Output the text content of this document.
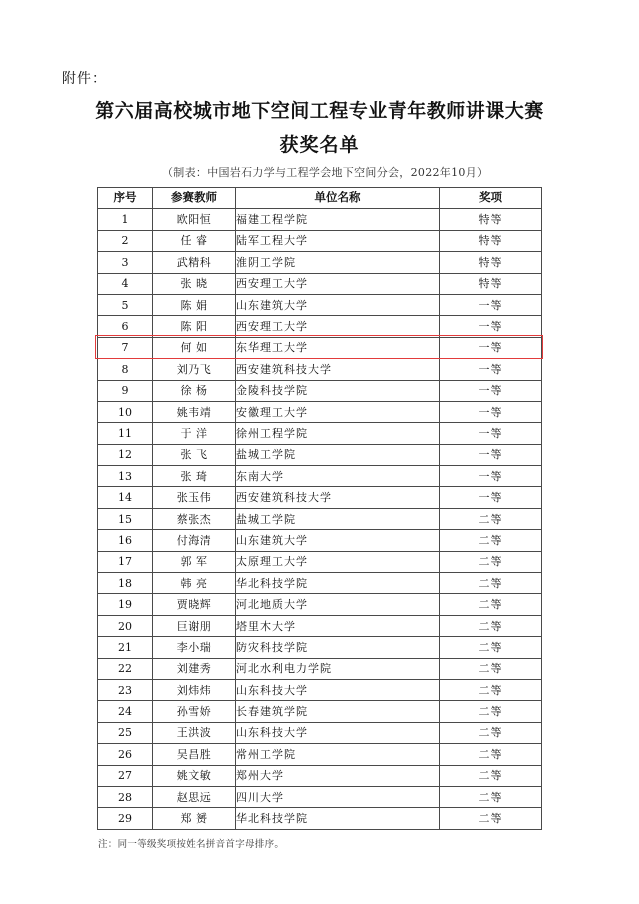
附件：
第六届高校城市地下空间工程专业青年教师讲课大赛
获奖名单
（制表：中国岩石力学与工程学会地下空间分会，2022年10月）
序号	参赛教师	单位名称	奖项
1	欧阳恒	福建工程学院	特等
2	任 睿	陆军工程大学	特等
3	武精科	淮阴工学院	特等
4	张 晓	西安理工大学	特等
5	陈 娟	山东建筑大学	一等
6	陈 阳	西安理工大学	一等
7	何 如	东华理工大学	一等
8	刘乃飞	西安建筑科技大学	一等
9	徐 杨	金陵科技学院	一等
10	姚韦靖	安徽理工大学	一等
11	于 洋	徐州工程学院	一等
12	张 飞	盐城工学院	一等
13	张 琦	东南大学	一等
14	张玉伟	西安建筑科技大学	一等
15	蔡张杰	盐城工学院	二等
16	付海清	山东建筑大学	二等
17	郭 军	太原理工大学	二等
18	韩 亮	华北科技学院	二等
19	贾晓辉	河北地质大学	二等
20	巨谢朋	塔里木大学	二等
21	李小瑞	防灾科技学院	二等
22	刘建秀	河北水利电力学院	二等
23	刘炜炜	山东科技大学	二等
24	孙雪娇	长春建筑学院	二等
25	王洪波	山东科技大学	二等
26	吴昌胜	常州工学院	二等
27	姚文敏	郑州大学	二等
28	赵思远	四川大学	二等
29	郑 赟	华北科技学院	二等
注：同一等级奖项按姓名拼音首字母排序。
